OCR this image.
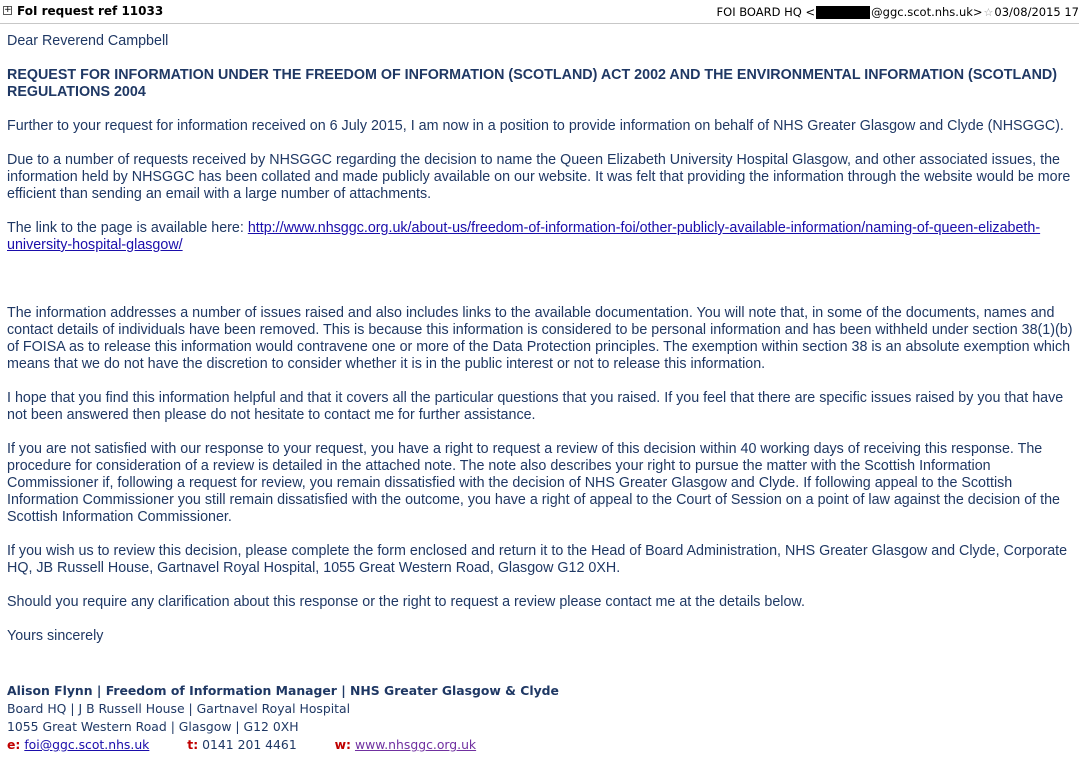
+ FoI request ref 11033	FOI BOARD HQ <	@ggc.scot.nhs.uk> ☆ 03/08/2015 17

Dear Reverend Campbell

REQUEST FOR INFORMATION UNDER THE FREEDOM OF INFORMATION (SCOTLAND) ACT 2002 AND THE ENVIRONMENTAL INFORMATION (SCOTLAND) REGULATIONS 2004

Further to your request for information received on 6 July 2015, I am now in a position to provide information on behalf of NHS Greater Glasgow and Clyde (NHSGGC).

Due to a number of requests received by NHSGGC regarding the decision to name the Queen Elizabeth University Hospital Glasgow, and other associated issues, the information held by NHSGGC has been collated and made publicly available on our website. It was felt that providing the information through the website would be more efficient than sending an email with a large number of attachments.

The link to the page is available here: http://www.nhsggc.org.uk/about-us/freedom-of-information-foi/other-publicly-available-information/naming-of-queen-elizabeth-university-hospital-glasgow/

The information addresses a number of issues raised and also includes links to the available documentation. You will note that, in some of the documents, names and contact details of individuals have been removed. This is because this information is considered to be personal information and has been withheld under section 38(1)(b) of FOISA as to release this information would contravene one or more of the Data Protection principles. The exemption within section 38 is an absolute exemption which means that we do not have the discretion to consider whether it is in the public interest or not to release this information.

I hope that you find this information helpful and that it covers all the particular questions that you raised. If you feel that there are specific issues raised by you that have not been answered then please do not hesitate to contact me for further assistance.

If you are not satisfied with our response to your request, you have a right to request a review of this decision within 40 working days of receiving this response. The procedure for consideration of a review is detailed in the attached note. The note also describes your right to pursue the matter with the Scottish Information Commissioner if, following a request for review, you remain dissatisfied with the decision of NHS Greater Glasgow and Clyde. If following appeal to the Scottish Information Commissioner you still remain dissatisfied with the outcome, you have a right of appeal to the Court of Session on a point of law against the decision of the Scottish Information Commissioner.

If you wish us to review this decision, please complete the form enclosed and return it to the Head of Board Administration, NHS Greater Glasgow and Clyde, Corporate HQ, JB Russell House, Gartnavel Royal Hospital, 1055 Great Western Road, Glasgow G12 0XH.

Should you require any clarification about this response or the right to request a review please contact me at the details below.

Yours sincerely

Alison Flynn | Freedom of Information Manager | NHS Greater Glasgow & Clyde
Board HQ | J B Russell House | Gartnavel Royal Hospital
1055 Great Western Road | Glasgow | G12 0XH
e: foi@ggc.scot.nhs.uk	t: 0141 201 4461	w: www.nhsggc.org.uk
